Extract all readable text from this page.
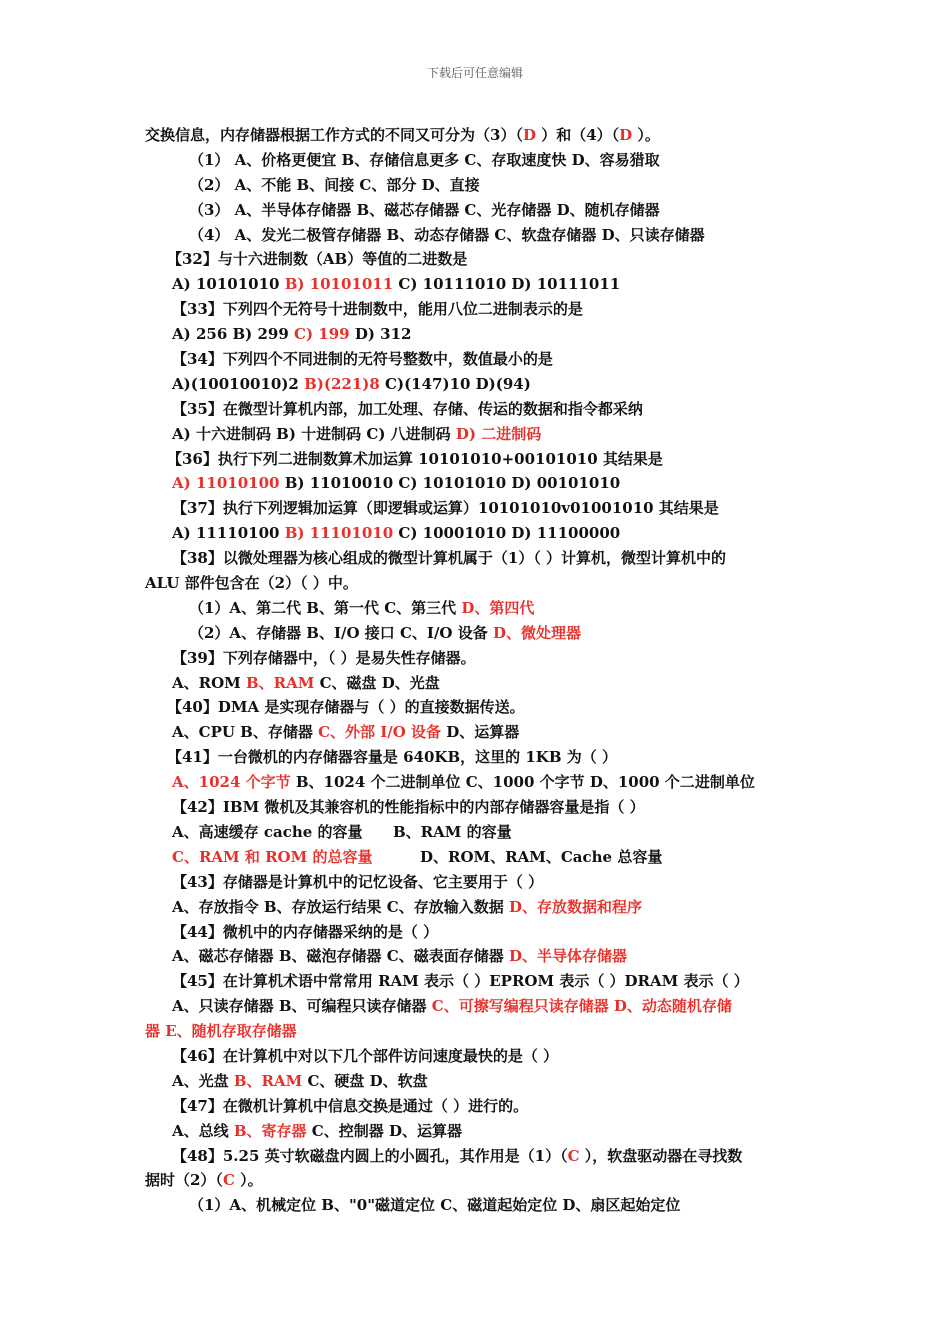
下载后可任意编辑
交换信息，内存储器根据工作方式的不同又可分为（3）（D ）和（4）（D ）。
（1） A、价格更便宜 B、存储信息更多 C、存取速度快 D、容易猎取
（2） A、不能 B、间接 C、部分 D、直接
（3） A、半导体存储器 B、磁芯存储器 C、光存储器 D、随机存储器
（4） A、发光二极管存储器 B、动态存储器 C、软盘存储器 D、只读存储器
【32】与十六进制数（AB）等值的二进数是
A) 10101010 B) 10101011 C) 10111010 D) 10111011
【33】下列四个无符号十进制数中，能用八位二进制表示的是
A) 256 B) 299 C) 199 D) 312
【34】下列四个不同进制的无符号整数中，数值最小的是
A)(10010010)2 B)(221)8 C)(147)10 D)(94)
【35】在微型计算机内部，加工处理、存储、传运的数据和指令都采纳
A) 十六进制码 B) 十进制码 C) 八进制码 D) 二进制码
【36】执行下列二进制数算术加运算 10101010+00101010 其结果是
A) 11010100 B) 11010010 C) 10101010 D) 00101010
【37】执行下列逻辑加运算（即逻辑或运算）10101010v01001010 其结果是
A) 11110100 B) 11101010 C) 10001010 D) 11100000
【38】以微处理器为核心组成的微型计算机属于（1）（ ）计算机，微型计算机中的
ALU 部件包含在（2）（ ）中。
（1）A、第二代 B、第一代 C、第三代 D、第四代
（2）A、存储器 B、I/O 接口 C、I/O 设备 D、微处理器
【39】下列存储器中，（ ）是易失性存储器。
A、ROM B、RAM C、磁盘 D、光盘
【40】DMA 是实现存储器与（ ）的直接数据传送。
A、CPU B、存储器 C、外部 I/O 设备 D、运算器
【41】一台微机的内存储器容量是 640KB，这里的 1KB 为（ ）
A、1024 个字节 B、1024 个二进制单位 C、1000 个字节 D、1000 个二进制单位
【42】IBM 微机及其兼容机的性能指标中的内部存储器容量是指（ ）
A、高速缓存 cache 的容量 B、RAM 的容量
C、RAM 和 ROM 的总容量	D、ROM、RAM、Cache 总容量
【43】存储器是计算机中的记忆设备、它主要用于（ ）
A、存放指令 B、存放运行结果 C、存放输入数据 D、存放数据和程序
【44】微机中的内存储器采纳的是（ ）
A、磁芯存储器 B、磁泡存储器 C、磁表面存储器 D、半导体存储器
【45】在计算机术语中常常用 RAM 表示（ ）EPROM 表示（ ）DRAM 表示（ ）
A、只读存储器 B、可编程只读存储器 C、可擦写编程只读存储器 D、动态随机存储
器 E、随机存取存储器
【46】在计算机中对以下几个部件访问速度最快的是（ ）
A、光盘 B、RAM C、硬盘 D、软盘
【47】在微机计算机中信息交换是通过（ ）进行的。
A、总线 B、寄存器 C、控制器 D、运算器
【48】5.25 英寸软磁盘内圆上的小圆孔，其作用是（1）（C ），软盘驱动器在寻找数
据时（2）（C ）。
（1）A、机械定位 B、"0"磁道定位 C、磁道起始定位 D、扇区起始定位
